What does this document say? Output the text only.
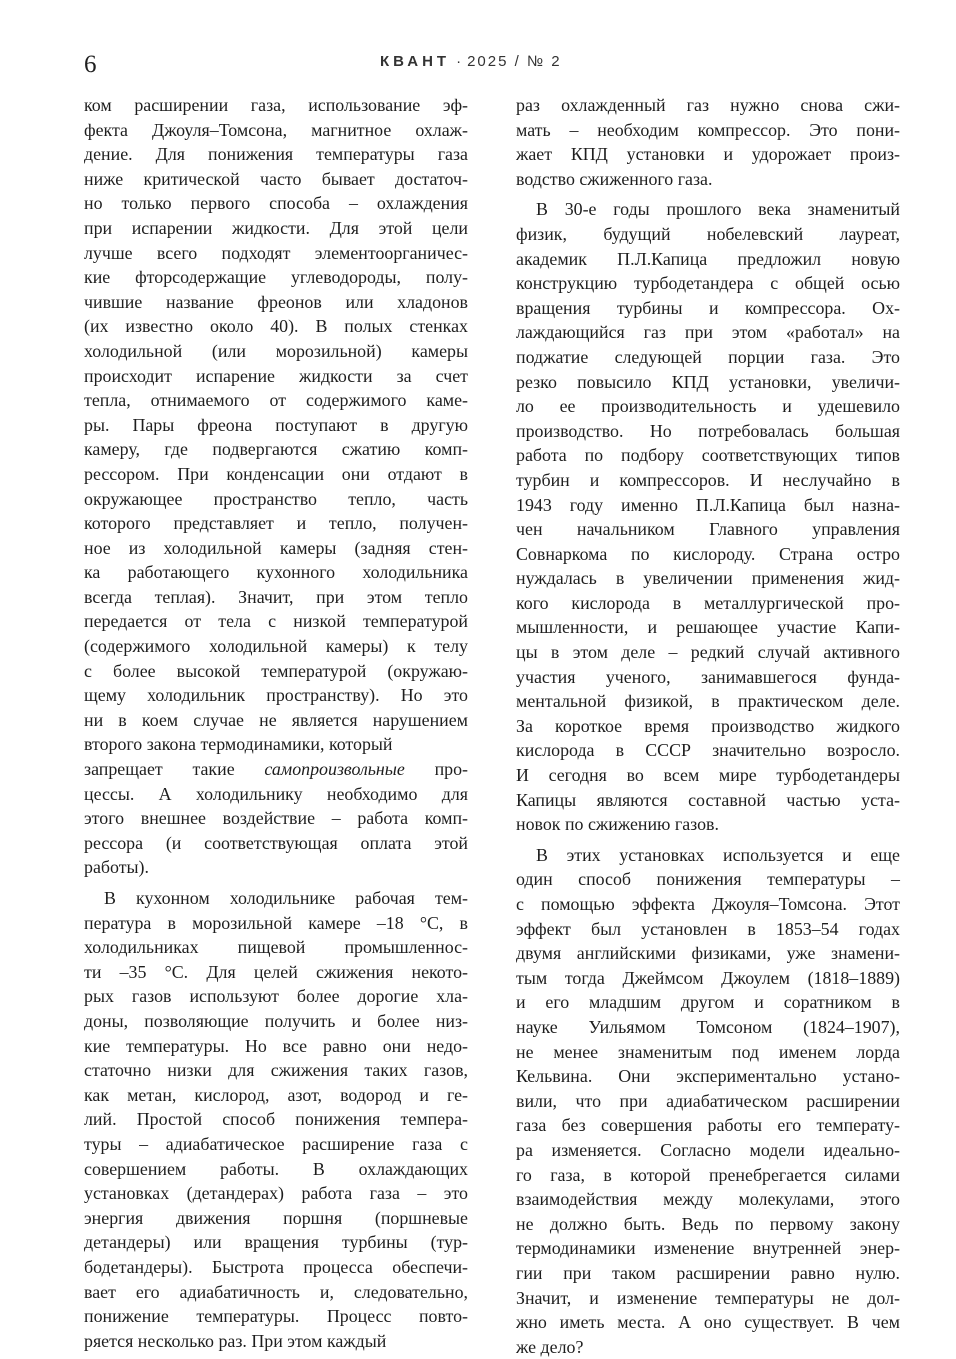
6	КВАНТ · 2025 / № 2
ком расширении газа, использование эф-
фекта Джоуля–Томсона, магнитное охлаж-
дение. Для понижения температуры газа
ниже критической часто бывает достаточ-
но только первого способа – охлаждения
при испарении жидкости. Для этой цели
лучше всего подходят элементоорганичес-
кие фторсодержащие углеводороды, полу-
чившие название фреонов или хладонов
(их известно около 40). В полых стенках
холодильной (или морозильной) камеры
происходит испарение жидкости за счет
тепла, отнимаемого от содержимого каме-
ры. Пары фреона поступают в другую
камеру, где подвергаются сжатию комп-
рессором. При конденсации они отдают в
окружающее пространство тепло, часть
которого представляет и тепло, получен-
ное из холодильной камеры (задняя стен-
ка работающего кухонного холодильника
всегда теплая). Значит, при этом тепло
передается от тела с низкой температурой
(содержимого холодильной камеры) к телу
с более высокой температурой (окружаю-
щему холодильник пространству). Но это
ни в коем случае не является нарушением
второго закона термодинамики, который
запрещает такие самопроизвольные про-
цессы. А холодильнику необходимо для
этого внешнее воздействие – работа комп-
рессора (и соответствующая оплата этой
работы).
В кухонном холодильнике рабочая тем-
пература в морозильной камере –18 °С, в
холодильниках пищевой промышленнос-
ти –35 °С. Для целей сжижения некото-
рых газов используют более дорогие хла-
доны, позволяющие получить и более низ-
кие температуры. Но все равно они недо-
статочно низки для сжижения таких газов,
как метан, кислород, азот, водород и ге-
лий. Простой способ понижения темпера-
туры – адиабатическое расширение газа с
совершением работы. В охлаждающих
установках (детандерах) работа газа – это
энергия движения поршня (поршневые
детандеры) или вращения турбины (тур-
бодетандеры). Быстрота процесса обеспечи-
вает его адиабатичность и, следовательно,
понижение температуры. Процесс повто-
ряется несколько раз. При этом каждый
раз охлажденный газ нужно снова сжи-
мать – необходим компрессор. Это пони-
жает КПД установки и удорожает произ-
водство сжиженного газа.
В 30-е годы прошлого века знаменитый
физик, будущий нобелевский лауреат,
академик П.Л.Капица предложил новую
конструкцию турбодетандера с общей осью
вращения турбины и компрессора. Ох-
лаждающийся газ при этом «работал» на
поджатие следующей порции газа. Это
резко повысило КПД установки, увеличи-
ло ее производительность и удешевило
производство. Но потребовалась большая
работа по подбору соответствующих типов
турбин и компрессоров. И неслучайно в
1943 году именно П.Л.Капица был назна-
чен начальником Главного управления
Совнаркома по кислороду. Страна остро
нуждалась в увеличении применения жид-
кого кислорода в металлургической про-
мышленности, и решающее участие Капи-
цы в этом деле – редкий случай активного
участия ученого, занимавшегося фунда-
ментальной физикой, в практическом деле.
За короткое время производство жидкого
кислорода в СССР значительно возросло.
И сегодня во всем мире турбодетандеры
Капицы являются составной частью уста-
новок по сжижению газов.
В этих установках используется и еще
один способ понижения температуры –
с помощью эффекта Джоуля–Томсона. Этот
эффект был установлен в 1853–54 годах
двумя английскими физиками, уже знамени-
тым тогда Джеймсом Джоулем (1818–1889)
и его младшим другом и соратником в
науке Уильямом Томсоном (1824–1907),
не менее знаменитым под именем лорда
Кельвина. Они экспериментально устано-
вили, что при адиабатическом расширении
газа без совершения работы его температу-
ра изменяется. Согласно модели идеально-
го газа, в которой пренебрегается силами
взаимодействия между молекулами, этого
не должно быть. Ведь по первому закону
термодинамики изменение внутренней энер-
гии при таком расширении равно нулю.
Значит, и изменение температуры не дол-
жно иметь места. А оно существует. В чем
же дело?
